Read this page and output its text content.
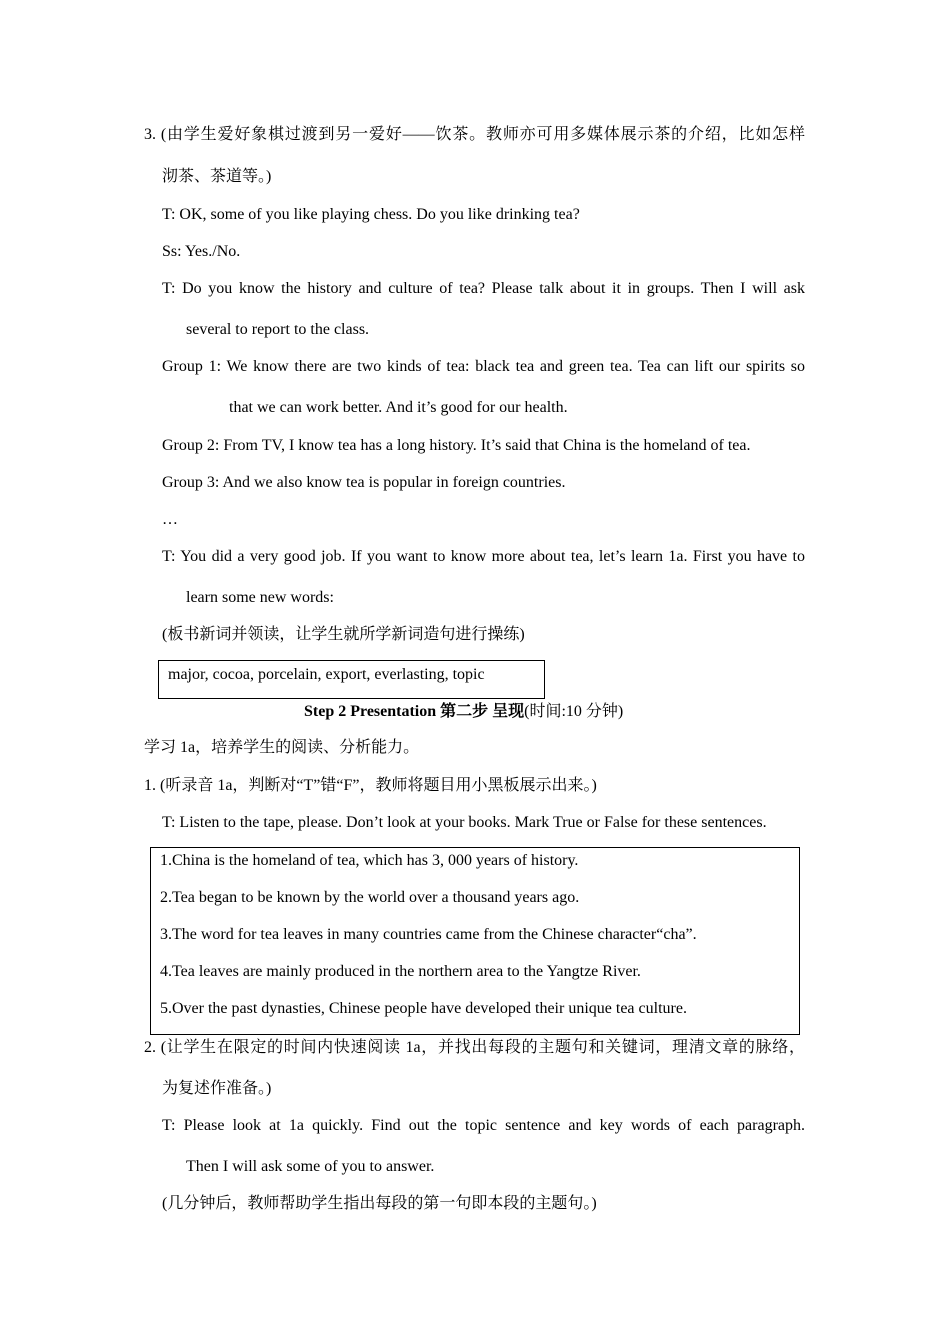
3. (由学生爱好象棋过渡到另一爱好——饮茶。教师亦可用多媒体展示茶的介绍，比如怎样
沏茶、茶道等。)
T: OK, some of you like playing chess. Do you like drinking tea?
Ss: Yes./No.
T: Do you know the history and culture of tea? Please talk about it in groups. Then I will ask
several to report to the class.
Group 1: We know there are two kinds of tea: black tea and green tea. Tea can lift our spirits so
that we can work better. And it’s good for our health.
Group 2: From TV, I know tea has a long history. It’s said that China is the homeland of tea.
Group 3: And we also know tea is popular in foreign countries.
…
T: You did a very good job. If you want to know more about tea, let’s learn 1a. First you have to
learn some new words:
(板书新词并领读，让学生就所学新词造句进行操练)
major, cocoa, porcelain, export, everlasting, topic
Step 2 Presentation 第二步 呈现(时间:10 分钟)
学习 1a，培养学生的阅读、分析能力。
1. (听录音 1a，判断对“T”错“F”，教师将题目用小黑板展示出来。)
T: Listen to the tape, please. Don’t look at your books. Mark True or False for these sentences.
1.China is the homeland of tea, which has 3, 000 years of history.
2.Tea began to be known by the world over a thousand years ago.
3.The word for tea leaves in many countries came from the Chinese character“cha”.
4.Tea leaves are mainly produced in the northern area to the Yangtze River.
5.Over the past dynasties, Chinese people have developed their unique tea culture.
2. (让学生在限定的时间内快速阅读 1a，并找出每段的主题句和关键词，理清文章的脉络，
为复述作准备。)
T: Please look at 1a quickly. Find out the topic sentence and key words of each paragraph.
Then I will ask some of you to answer.
(几分钟后，教师帮助学生指出每段的第一句即本段的主题句。)
